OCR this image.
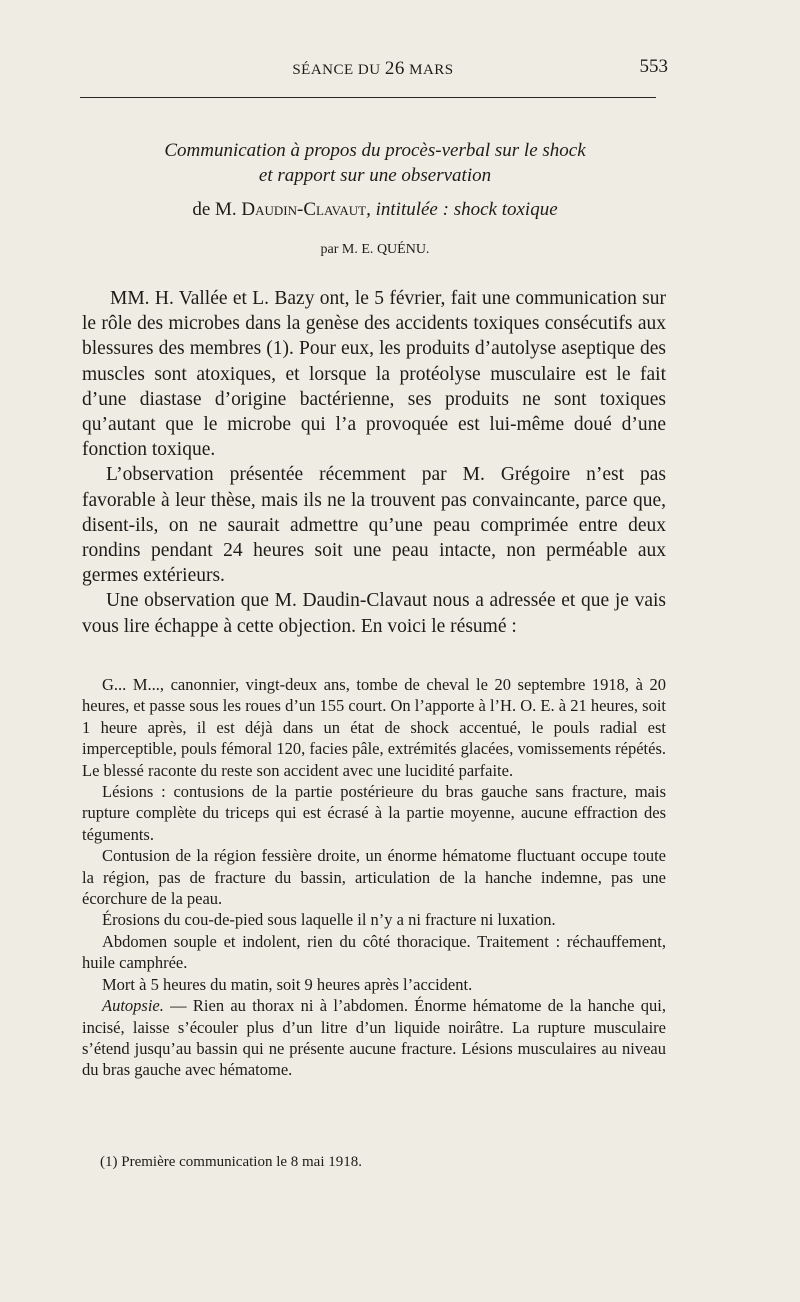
SÉANCE DU 26 MARS	553
Communication à propos du procès-verbal sur le shock
et rapport sur une observation
de M. Daudin-Clavaut, intitulée : shock toxique
par M. E. QUÉNU.

MM. H. Vallée et L. Bazy ont, le 5 février, fait une communication sur le rôle des microbes dans la genèse des accidents toxiques consécutifs aux blessures des membres (1). Pour eux, les produits d’autolyse aseptique des muscles sont atoxiques, et lorsque la protéolyse musculaire est le fait d’une diastase d’origine bactérienne, ses produits ne sont toxiques qu’autant que le microbe qui l’a provoquée est lui-même doué d’une fonction toxique.

L’observation présentée récemment par M. Grégoire n’est pas favorable à leur thèse, mais ils ne la trouvent pas convaincante, parce que, disent-ils, on ne saurait admettre qu’une peau comprimée entre deux rondins pendant 24 heures soit une peau intacte, non perméable aux germes extérieurs.

Une observation que M. Daudin-Clavaut nous a adressée et que je vais vous lire échappe à cette objection. En voici le résumé :

G... M..., canonnier, vingt-deux ans, tombe de cheval le 20 septembre 1918, à 20 heures, et passe sous les roues d’un 155 court. On l’apporte à l’H. O. E. à 21 heures, soit 1 heure après, il est déjà dans un état de shock accentué, le pouls radial est imperceptible, pouls fémoral 120, facies pâle, extrémités glacées, vomissements répétés. Le blessé raconte du reste son accident avec une lucidité parfaite.

Lésions : contusions de la partie postérieure du bras gauche sans fracture, mais rupture complète du triceps qui est écrasé à la partie moyenne, aucune effraction des téguments.

Contusion de la région fessière droite, un énorme hématome fluctuant occupe toute la région, pas de fracture du bassin, articulation de la hanche indemne, pas une écorchure de la peau.

Érosions du cou-de-pied sous laquelle il n’y a ni fracture ni luxation.

Abdomen souple et indolent, rien du côté thoracique. Traitement : réchauffement, huile camphrée.

Mort à 5 heures du matin, soit 9 heures après l’accident.

Autopsie. — Rien au thorax ni à l’abdomen. Énorme hématome de la hanche qui, incisé, laisse s’écouler plus d’un litre d’un liquide noirâtre. La rupture musculaire s’étend jusqu’au bassin qui ne présente aucune fracture. Lésions musculaires au niveau du bras gauche avec hématome.

(1) Première communication le 8 mai 1918.
